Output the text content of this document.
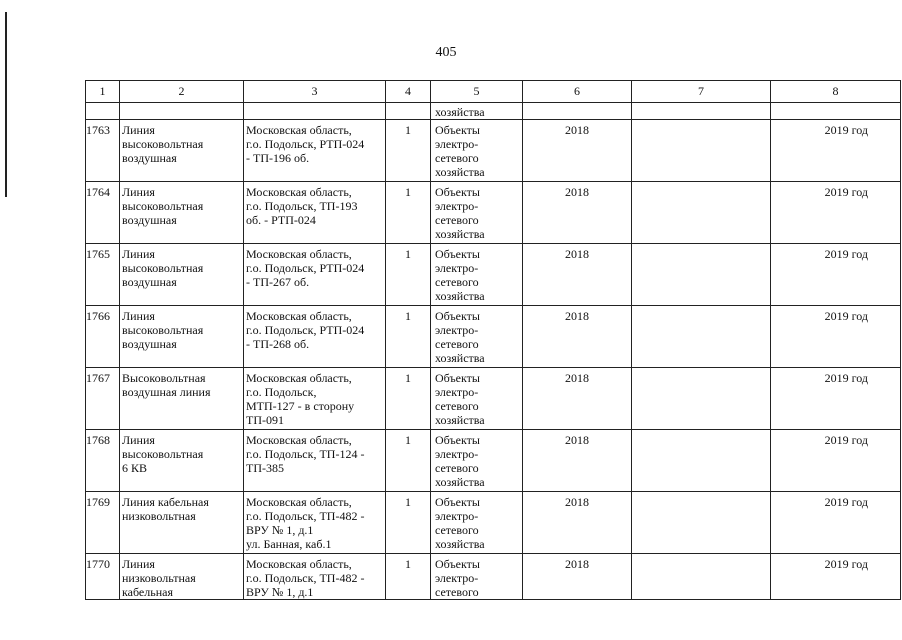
405
1	2	3	4	5	6	7	8
				хозяйства			
1763	Линия
высоковольтная
воздушная	Московская область,
г.о. Подольск, РТП-024
- ТП-196 об.	1	Объекты
электро-
сетевого
хозяйства	2018		2019 год
1764	Линия
высоковольтная
воздушная	Московская область,
г.о. Подольск, ТП-193
об. - РТП-024	1	Объекты
электро-
сетевого
хозяйства	2018		2019 год
1765	Линия
высоковольтная
воздушная	Московская область,
г.о. Подольск, РТП-024
- ТП-267 об.	1	Объекты
электро-
сетевого
хозяйства	2018		2019 год
1766	Линия
высоковольтная
воздушная	Московская область,
г.о. Подольск, РТП-024
- ТП-268 об.	1	Объекты
электро-
сетевого
хозяйства	2018		2019 год
1767	Высоковольтная
воздушная линия	Московская область,
г.о. Подольск,
МТП-127 - в сторону
ТП-091	1	Объекты
электро-
сетевого
хозяйства	2018		2019 год
1768	Линия
высоковольтная
6 КВ	Московская область,
г.о. Подольск, ТП-124 -
ТП-385	1	Объекты
электро-
сетевого
хозяйства	2018		2019 год
1769	Линия кабельная
низковольтная	Московская область,
г.о. Подольск, ТП-482 -
ВРУ № 1, д.1
ул. Банная, каб.1	1	Объекты
электро-
сетевого
хозяйства	2018		2019 год
1770	Линия
низковольтная
кабельная	Московская область,
г.о. Подольск, ТП-482 -
ВРУ № 1, д.1	1	Объекты
электро-
сетевого	2018		2019 год
